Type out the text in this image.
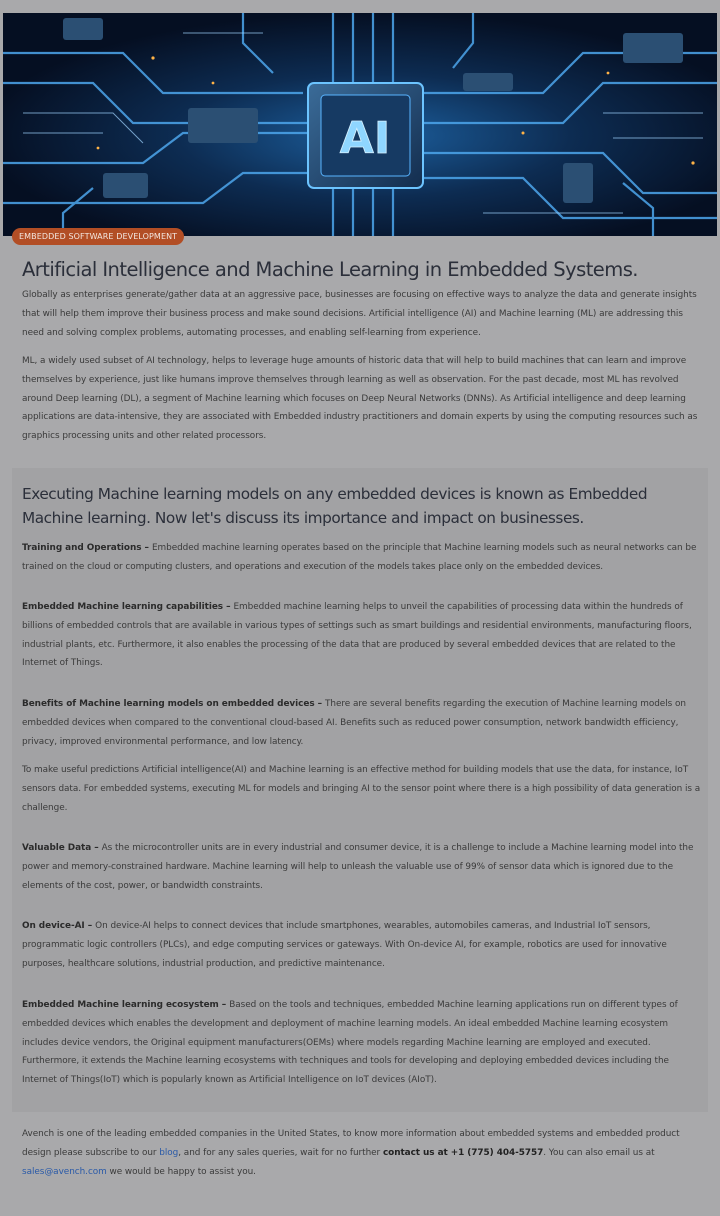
AI
EMBEDDED SOFTWARE DEVELOPMENT
Artificial Intelligence and Machine Learning in Embedded Systems.

Globally as enterprises generate/gather data at an aggressive pace, businesses are focusing on effective ways to analyze the data and generate insights that will help them improve their business process and make sound decisions. Artificial intelligence (AI) and Machine learning (ML) are addressing this need and solving complex problems, automating processes, and enabling self-learning from experience.

ML, a widely used subset of AI technology, helps to leverage huge amounts of historic data that will help to build machines that can learn and improve themselves by experience, just like humans improve themselves through learning as well as observation. For the past decade, most ML has revolved around Deep learning (DL), a segment of Machine learning which focuses on Deep Neural Networks (DNNs). As Artificial intelligence and deep learning applications are data-intensive, they are associated with Embedded industry practitioners and domain experts by using the computing resources such as graphics processing units and other related processors.

Executing Machine learning models on any embedded devices is known as Embedded Machine learning. Now let's discuss its importance and impact on businesses.

Training and Operations – Embedded machine learning operates based on the principle that Machine learning models such as neural networks can be trained on the cloud or computing clusters, and operations and execution of the models takes place only on the embedded devices.

Embedded Machine learning capabilities – Embedded machine learning helps to unveil the capabilities of processing data within the hundreds of billions of embedded controls that are available in various types of settings such as smart buildings and residential environments, manufacturing floors, industrial plants, etc. Furthermore, it also enables the processing of the data that are produced by several embedded devices that are related to the Internet of Things.

Benefits of Machine learning models on embedded devices – There are several benefits regarding the execution of Machine learning models on embedded devices when compared to the conventional cloud-based AI. Benefits such as reduced power consumption, network bandwidth efficiency, privacy, improved environmental performance, and low latency.

To make useful predictions Artificial intelligence(AI) and Machine learning is an effective method for building models that use the data, for instance, IoT sensors data. For embedded systems, executing ML for models and bringing AI to the sensor point where there is a high possibility of data generation is a challenge.

Valuable Data – As the microcontroller units are in every industrial and consumer device, it is a challenge to include a Machine learning model into the power and memory-constrained hardware. Machine learning will help to unleash the valuable use of 99% of sensor data which is ignored due to the elements of the cost, power, or bandwidth constraints.

On device-AI – On device-AI helps to connect devices that include smartphones, wearables, automobiles cameras, and Industrial IoT sensors, programmatic logic controllers (PLCs), and edge computing services or gateways. With On-device AI, for example, robotics are used for innovative purposes, healthcare solutions, industrial production, and predictive maintenance.

Embedded Machine learning ecosystem – Based on the tools and techniques, embedded Machine learning applications run on different types of embedded devices which enables the development and deployment of machine learning models. An ideal embedded Machine learning ecosystem includes device vendors, the Original equipment manufacturers(OEMs) where models regarding Machine learning are employed and executed. Furthermore, it extends the Machine learning ecosystems with techniques and tools for developing and deploying embedded devices including the Internet of Things(IoT) which is popularly known as Artificial Intelligence on IoT devices (AIoT).

Avench is one of the leading embedded companies in the United States, to know more information about embedded systems and embedded product design please subscribe to our blog, and for any sales queries, wait for no further contact us at +1 (775) 404-5757. You can also email us at sales@avench.com we would be happy to assist you.
